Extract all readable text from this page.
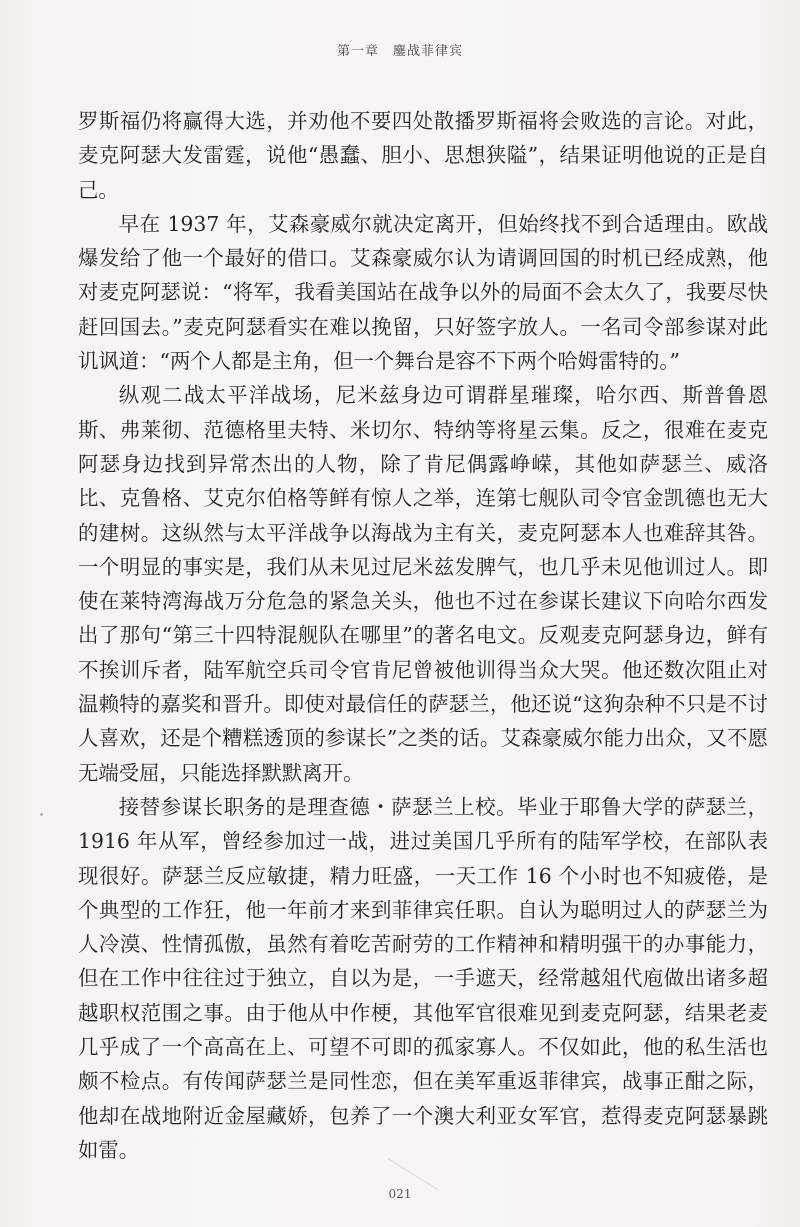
第一章　鏖战菲律宾

罗斯福仍将赢得大选，并劝他不要四处散播罗斯福将会败选的言论。对此，麦克阿瑟大发雷霆，说他“愚蠢、胆小、思想狭隘”，结果证明他说的正是自己。

早在 1937 年，艾森豪威尔就决定离开，但始终找不到合适理由。欧战爆发给了他一个最好的借口。艾森豪威尔认为请调回国的时机已经成熟，他对麦克阿瑟说：“将军，我看美国站在战争以外的局面不会太久了，我要尽快赶回国去。”麦克阿瑟看实在难以挽留，只好签字放人。一名司令部参谋对此讥讽道：“两个人都是主角，但一个舞台是容不下两个哈姆雷特的。”

纵观二战太平洋战场，尼米兹身边可谓群星璀璨，哈尔西、斯普鲁恩斯、弗莱彻、范德格里夫特、米切尔、特纳等将星云集。反之，很难在麦克阿瑟身边找到异常杰出的人物，除了肯尼偶露峥嵘，其他如萨瑟兰、威洛比、克鲁格、艾克尔伯格等鲜有惊人之举，连第七舰队司令官金凯德也无大的建树。这纵然与太平洋战争以海战为主有关，麦克阿瑟本人也难辞其咎。一个明显的事实是，我们从未见过尼米兹发脾气，也几乎未见他训过人。即使在莱特湾海战万分危急的紧急关头，他也不过在参谋长建议下向哈尔西发出了那句“第三十四特混舰队在哪里”的著名电文。反观麦克阿瑟身边，鲜有不挨训斥者，陆军航空兵司令官肯尼曾被他训得当众大哭。他还数次阻止对温赖特的嘉奖和晋升。即使对最信任的萨瑟兰，他还说“这狗杂种不只是不讨人喜欢，还是个糟糕透顶的参谋长”之类的话。艾森豪威尔能力出众，又不愿无端受屈，只能选择默默离开。

接替参谋长职务的是理查德・萨瑟兰上校。毕业于耶鲁大学的萨瑟兰，1916 年从军，曾经参加过一战，进过美国几乎所有的陆军学校，在部队表现很好。萨瑟兰反应敏捷，精力旺盛，一天工作 16 个小时也不知疲倦，是个典型的工作狂，他一年前才来到菲律宾任职。自认为聪明过人的萨瑟兰为人冷漠、性情孤傲，虽然有着吃苦耐劳的工作精神和精明强干的办事能力，但在工作中往往过于独立，自以为是，一手遮天，经常越俎代庖做出诸多超越职权范围之事。由于他从中作梗，其他军官很难见到麦克阿瑟，结果老麦几乎成了一个高高在上、可望不可即的孤家寡人。不仅如此，他的私生活也颇不检点。有传闻萨瑟兰是同性恋，但在美军重返菲律宾，战事正酣之际，他却在战地附近金屋藏娇，包养了一个澳大利亚女军官，惹得麦克阿瑟暴跳如雷。

021
